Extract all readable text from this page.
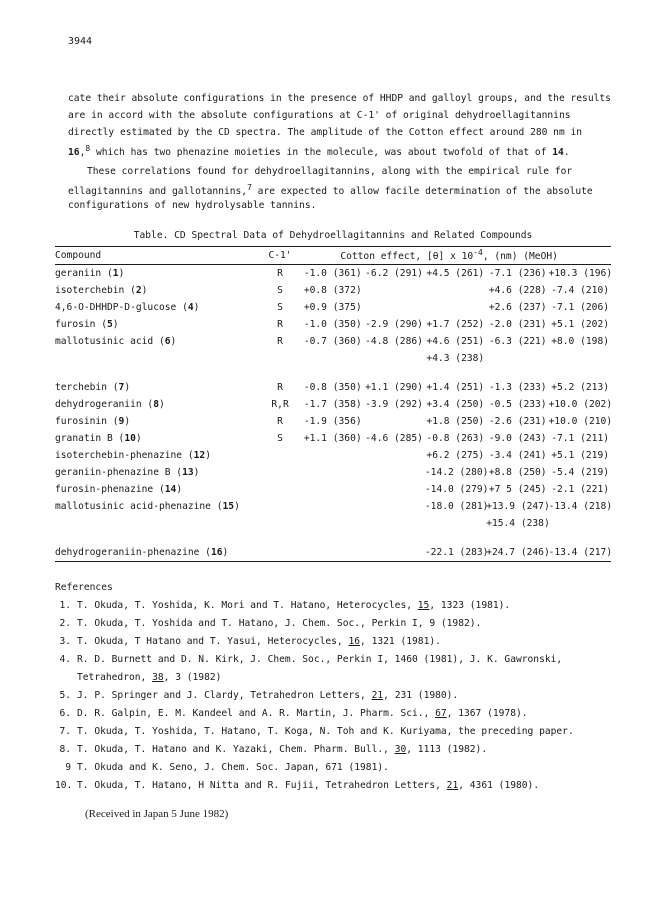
3944
cate their absolute configurations in the presence of HHDP and galloyl groups, and the results
are in accord with the absolute configurations at C-1' of original dehydroellagitannins
directly estimated by the CD spectra. The amplitude of the Cotton effect around 280 nm in
16,$^8$ which has two phenazine moieties in the molecule, was about twofold of that of 14.
These correlations found for dehydroellagitannins, along with the empirical rule for
ellagitannins and gallotannins,$^7$ are expected to allow facile determination of the absolute
configurations of new hydrolysable tannins.
Table. CD Spectral Data of Dehydroellagitannins and Related Compounds
Compound	C-1'	Cotton effect, [θ] x $10^{-4}$, (nm) (MeOH)
geraniin (1)	R	-1.0 (361)	-6.2 (291)	+4.5 (261)	-7.1 (236)	+10.3 (196)
isoterchebin (2)	S	+0.8 (372)			+4.6 (228)	-7.4 (210)
4,6-O-DHHDP-D-glucose (4)	S	+0.9 (375)			+2.6 (237)	-7.1 (206)
furosin (5)	R	-1.0 (350)	-2.9 (290)	+1.7 (252)	-2.0 (231)	+5.1 (202)
mallotusinic acid (6)	R	-0.7 (360)	-4.8 (286)	+4.6 (251)	-6.3 (221)	+8.0 (198)
				+4.3 (238)		

terchebin (7)	R	-0.8 (350)	+1.1 (290)	+1.4 (251)	-1.3 (233)	+5.2 (213)
dehydrogeraniin (8)	R,R	-1.7 (358)	-3.9 (292)	+3.4 (250)	-0.5 (233)	+10.0 (202)
furosinin (9)	R	-1.9 (356)		+1.8 (250)	-2.6 (231)	+10.0 (210)
granatin B (10)	S	+1.1 (360)	-4.6 (285)	-0.8 (263)	-9.0 (243)	-7.1 (211)
isoterchebin-phenazine (12)				+6.2 (275)	-3.4 (241)	+5.1 (219)
geraniin-phenazine B (13)				-14.2 (280)	+8.8 (250)	-5.4 (219)
furosin-phenazine (14)				-14.0 (279)	+7 5 (245)	-2.1 (221)
mallotusinic acid-phenazine (15)				-18.0 (281)	+13.9 (247)	-13.4 (218)
					+15.4 (238)	

dehydrogeraniin-phenazine (16)				-22.1 (283)	+24.7 (246)	-13.4 (217)
References
1. T. Okuda, T. Yoshida, K. Mori and T. Hatano, Heterocycles, 15, 1323 (1981).
2. T. Okuda, T. Yoshida and T. Hatano, J. Chem. Soc., Perkin I, 9 (1982).
3. T. Okuda, T Hatano and T. Yasui, Heterocycles, 16, 1321 (1981).
4. R. D. Burnett and D. N. Kirk, J. Chem. Soc., Perkin I, 1460 (1981), J. K. Gawronski,
Tetrahedron, 38, 3 (1982)
5. J. P. Springer and J. Clardy, Tetrahedron Letters, 21, 231 (1980).
6. D. R. Galpin, E. M. Kandeel and A. R. Martin, J. Pharm. Sci., 67, 1367 (1978).
7. T. Okuda, T. Yoshida, T. Hatano, T. Koga, N. Toh and K. Kuriyama, the preceding paper.
8. T. Okuda, T. Hatano and K. Yazaki, Chem. Pharm. Bull., 30, 1113 (1982).
9 T. Okuda and K. Seno, J. Chem. Soc. Japan, 671 (1981).
10. T. Okuda, T. Hatano, H Nitta and R. Fujii, Tetrahedron Letters, 21, 4361 (1980).
(Received in Japan 5 June 1982)
